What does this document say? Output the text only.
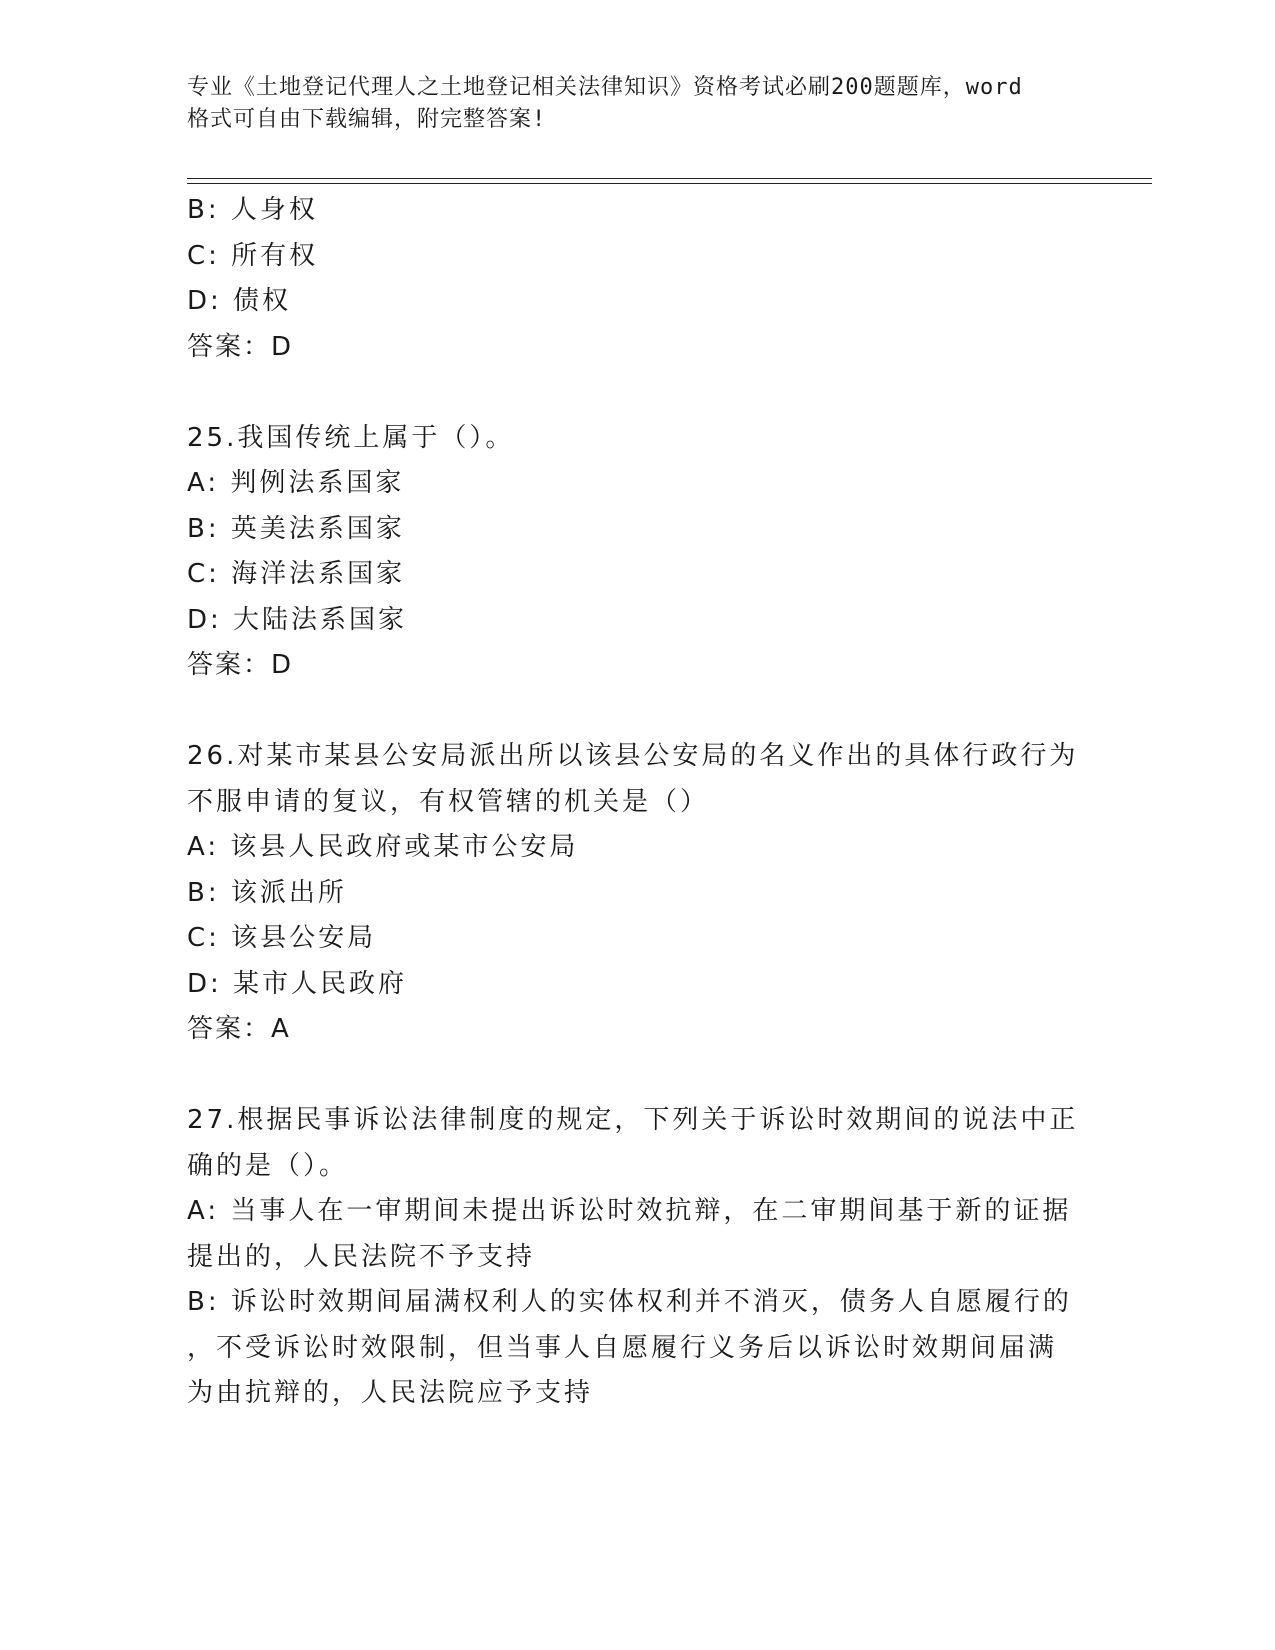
专业《土地登记代理人之土地登记相关法律知识》资格考试必刷200题题库，word
格式可自由下载编辑，附完整答案!
B: 人身权
C: 所有权
D: 债权
答案：D
25.我国传统上属于（）。
A: 判例法系国家
B: 英美法系国家
C: 海洋法系国家
D: 大陆法系国家
答案：D
26.对某市某县公安局派出所以该县公安局的名义作出的具体行政行为
不服申请的复议，有权管辖的机关是（）
A: 该县人民政府或某市公安局
B: 该派出所
C: 该县公安局
D: 某市人民政府
答案：A
27.根据民事诉讼法律制度的规定，下列关于诉讼时效期间的说法中正
确的是（）。
A: 当事人在一审期间未提出诉讼时效抗辩，在二审期间基于新的证据
提出的，人民法院不予支持
B: 诉讼时效期间届满权利人的实体权利并不消灭，债务人自愿履行的
，不受诉讼时效限制，但当事人自愿履行义务后以诉讼时效期间届满
为由抗辩的，人民法院应予支持
